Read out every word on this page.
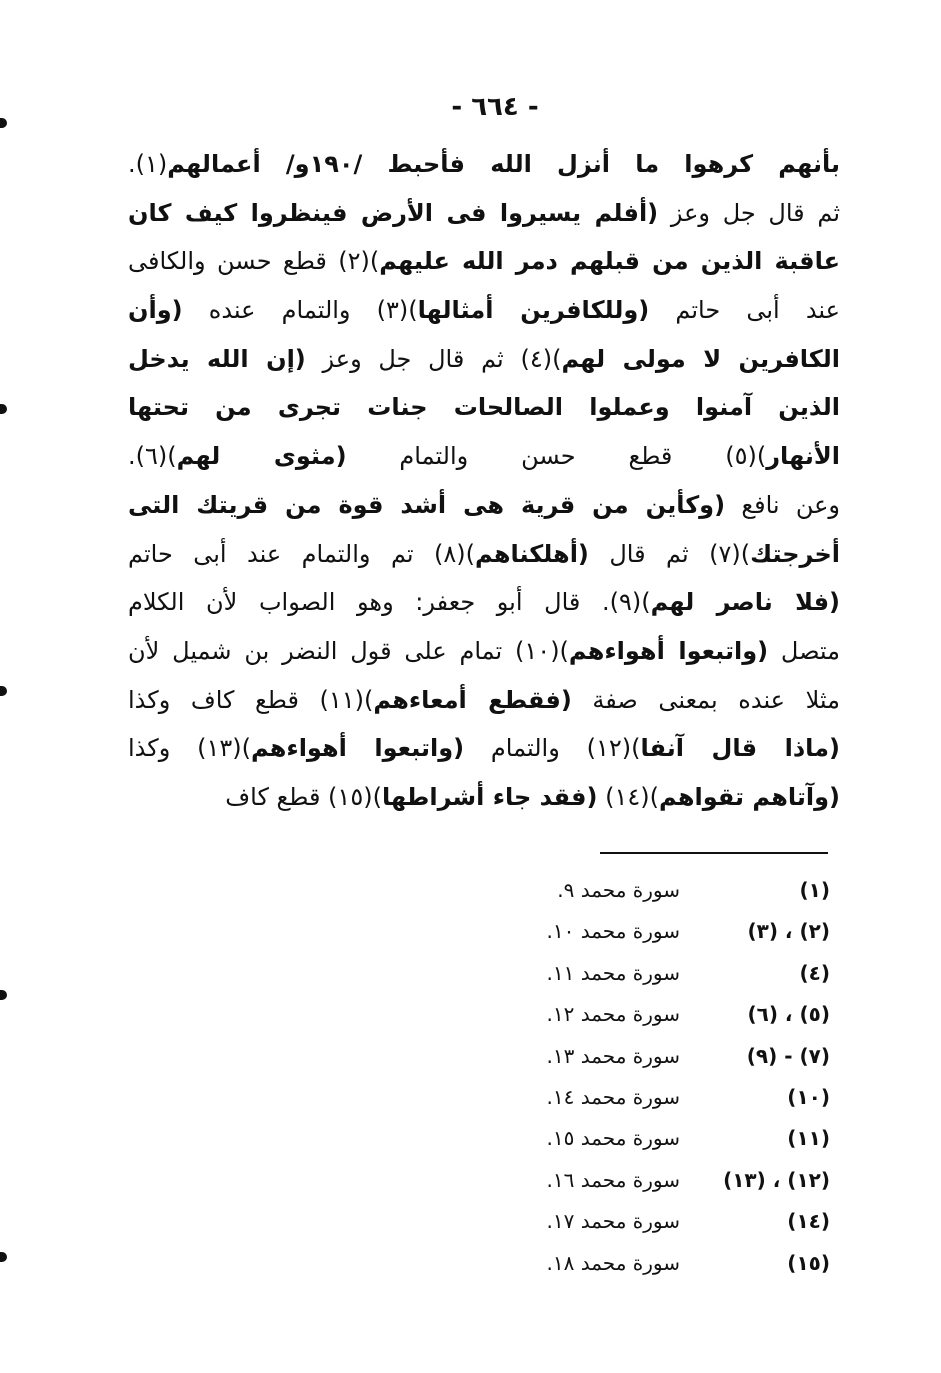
- ٦٦٤ -
بأنهم كرهوا ما أنزل الله فأحبط /١٩٠و/ أعمالهم(١).
ثم قال جل وعز (أفلم يسيروا فى الأرض فينظروا كيف كان
عاقبة الذين من قبلهم دمر الله عليهم)(٢) قطع حسن والكافى
عند أبى حاتم (وللكافرين أمثالها)(٣) والتمام عنده (وأن
الكافرين لا مولى لهم)(٤) ثم قال جل وعز (إن الله يدخل
الذين آمنوا وعملوا الصالحات جنات تجرى من تحتها
الأنهار)(٥) قطع حسن والتمام (مثوى لهم)(٦).
وعن نافع (وكأين من قرية هى أشد قوة من قريتك التى
أخرجتك)(٧) ثم قال (أهلكناهم)(٨) تم والتمام عند أبى حاتم
(فلا ناصر لهم)(٩). قال أبو جعفر: وهو الصواب لأن الكلام
متصل (واتبعوا أهواءهم)(١٠) تمام على قول النضر بن شميل لأن
مثلا عنده بمعنى صفة (فقطع أمعاءهم)(١١) قطع كاف وكذا
(ماذا قال آنفا)(١٢) والتمام (واتبعوا أهواءهم)(١٣) وكذا
(وآتاهم تقواهم)(١٤) (فقد جاء أشراطها)(١٥) قطع كاف
(١)
سورة محمد ٩.
(٢) ، (٣)
سورة محمد ١٠.
(٤)
سورة محمد ١١.
(٥) ، (٦)
سورة محمد ١٢.
(٧) - (٩)
سورة محمد ١٣.
(١٠)
سورة محمد ١٤.
(١١)
سورة محمد ١٥.
(١٢) ، (١٣)
سورة محمد ١٦.
(١٤)
سورة محمد ١٧.
(١٥)
سورة محمد ١٨.
